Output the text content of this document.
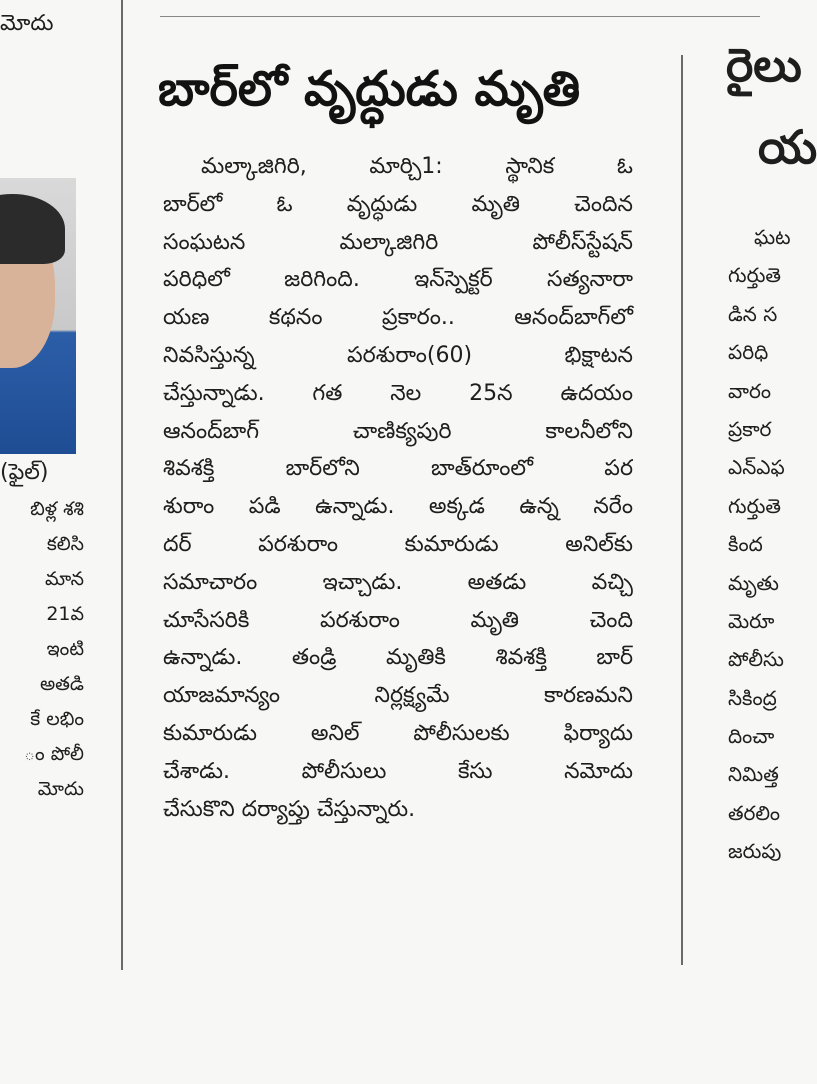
మోదు
(ఫైల్)
బిళ్ల శశి
కలిసి
మాన
21వ
ఇంటి
అతడి
కే లభిం
ం పోలీ
మోదు
బార్‌లో వృద్ధుడు మృతి
మల్కాజిగిరి, మార్చి1: స్థానిక ఓ
బార్‌లో ఓ వృద్ధుడు మృతి చెందిన
సంఘటన మల్కాజిగిరి పోలీస్‌స్టేషన్
పరిధిలో జరిగింది. ఇన్‌స్పెక్టర్ సత్యనారా
యణ కథనం ప్రకారం.. ఆనంద్‌బాగ్‌లో
నివసిస్తున్న పరశురాం(60) భిక్షాటన
చేస్తున్నాడు. గత నెల 25న ఉదయం
ఆనంద్‌బాగ్ చాణిక్యపురి కాలనీలోని
శివశక్తి బార్‌లోని బాత్‌రూంలో పర
శురాం పడి ఉన్నాడు. అక్కడ ఉన్న నరేం
దర్ పరశురాం కుమారుడు అనిల్‌కు
సమాచారం ఇచ్చాడు. అతడు వచ్చి
చూసేసరికి పరశురాం మృతి చెంది
ఉన్నాడు. తండ్రి మృతికి శివశక్తి బార్
యాజమాన్యం నిర్లక్ష్యమే కారణమని
కుమారుడు అనిల్ పోలీసులకు ఫిర్యాదు
చేశాడు. పోలీసులు కేసు నమోదు
చేసుకొని దర్యాప్తు చేస్తున్నారు.
రైలు
య
ఘట
గుర్తుతె
డిన స
పరిధి
వారం
ప్రకార
ఎన్ఎఫ
గుర్తుతె
కింద
మృతు
మెరూ
పోలీసు
సికింద్ర
దించా
నిమిత్త
తరలిం
జరుపు
